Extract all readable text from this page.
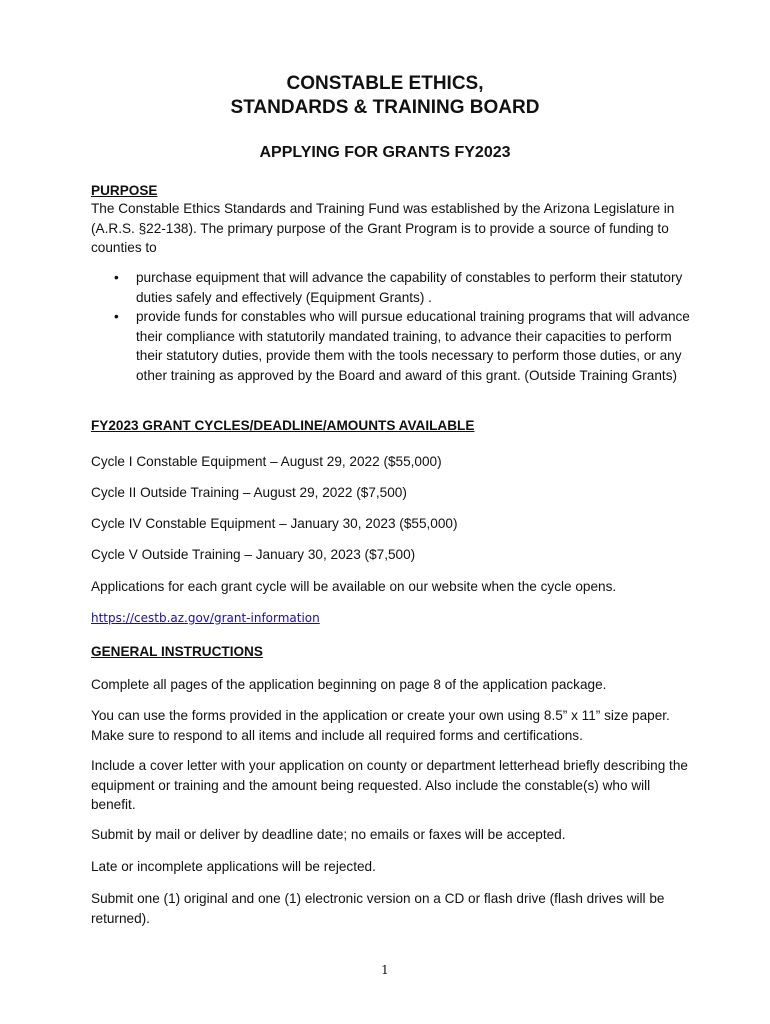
CONSTABLE ETHICS,
STANDARDS & TRAINING BOARD
APPLYING FOR GRANTS FY2023
PURPOSE
The Constable Ethics Standards and Training Fund was established by the Arizona Legislature in (A.R.S. §22-138). The primary purpose of the Grant Program is to provide a source of funding to counties to
• purchase equipment that will advance the capability of constables to perform their statutory duties safely and effectively (Equipment Grants) .
• provide funds for constables who will pursue educational training programs that will advance their compliance with statutorily mandated training, to advance their capacities to perform their statutory duties, provide them with the tools necessary to perform those duties, or any other training as approved by the Board and award of this grant. (Outside Training Grants)
FY2023 GRANT CYCLES/DEADLINE/AMOUNTS AVAILABLE
Cycle I Constable Equipment – August 29, 2022 ($55,000)
Cycle II Outside Training – August 29, 2022 ($7,500)
Cycle IV Constable Equipment – January 30, 2023 ($55,000)
Cycle V Outside Training – January 30, 2023 ($7,500)
Applications for each grant cycle will be available on our website when the cycle opens.
https://cestb.az.gov/grant-information
GENERAL INSTRUCTIONS
Complete all pages of the application beginning on page 8 of the application package.
You can use the forms provided in the application or create your own using 8.5” x 11” size paper. Make sure to respond to all items and include all required forms and certifications.
Include a cover letter with your application on county or department letterhead briefly describing the equipment or training and the amount being requested. Also include the constable(s) who will benefit.
Submit by mail or deliver by deadline date; no emails or faxes will be accepted.
Late or incomplete applications will be rejected.
Submit one (1) original and one (1) electronic version on a CD or flash drive (flash drives will be returned).
1
